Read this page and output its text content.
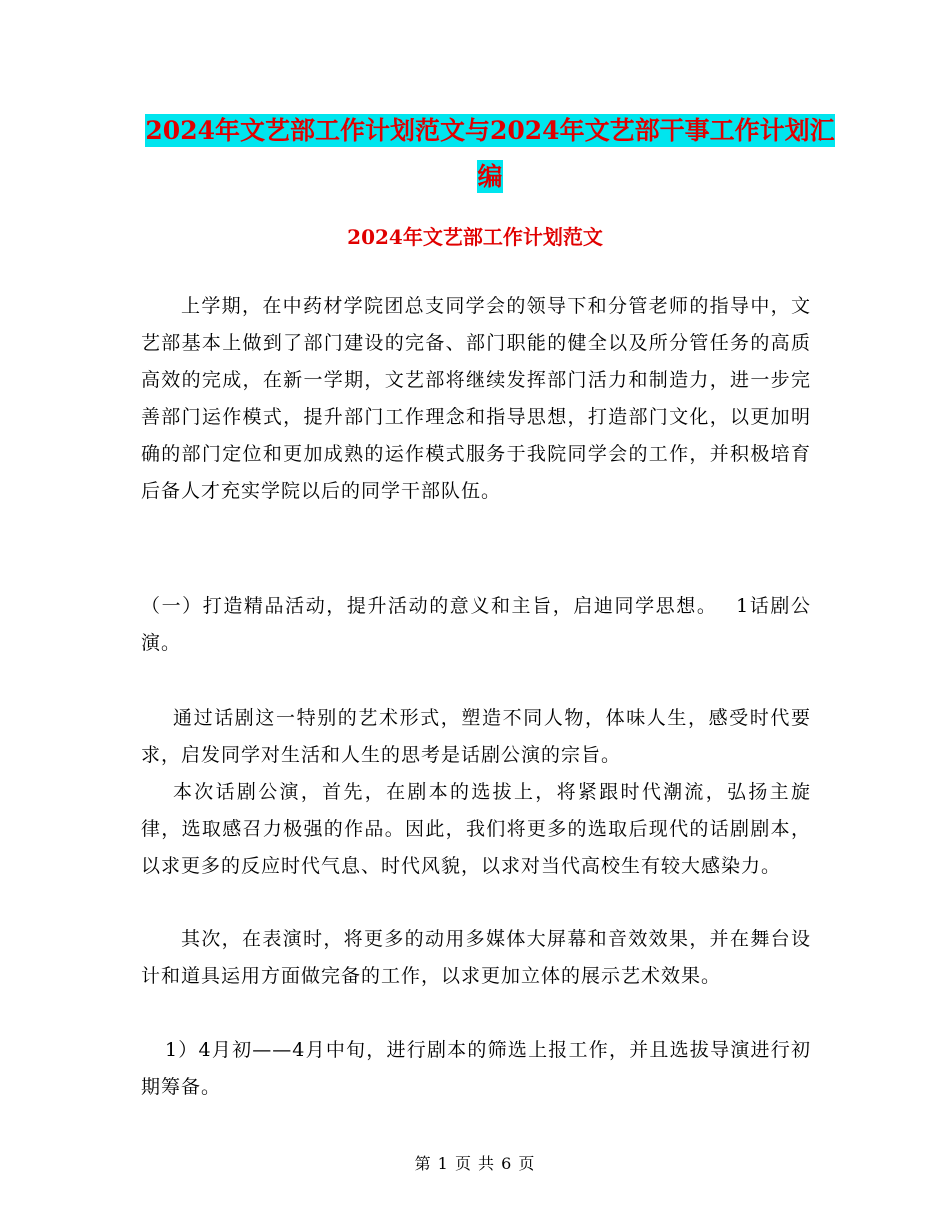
2024年文艺部工作计划范文与2024年文艺部干事工作计划汇编
2024年文艺部工作计划范文

上学期，在中药材学院团总支同学会的领导下和分管老师的指导中，文艺部基本上做到了部门建设的完备、部门职能的健全以及所分管任务的高质高效的完成，在新一学期，文艺部将继续发挥部门活力和制造力，进一步完善部门运作模式，提升部门工作理念和指导思想，打造部门文化，以更加明确的部门定位和更加成熟的运作模式服务于我院同学会的工作，并积极培育后备人才充实学院以后的同学干部队伍。

（一）打造精品活动，提升活动的意义和主旨，启迪同学思想。　 1话剧公演。

通过话剧这一特别的艺术形式，塑造不同人物，体味人生，感受时代要求，启发同学对生活和人生的思考是话剧公演的宗旨。

本次话剧公演，首先，在剧本的选拔上，将紧跟时代潮流，弘扬主旋律，选取感召力极强的作品。因此，我们将更多的选取后现代的话剧剧本，以求更多的反应时代气息、时代风貌，以求对当代高校生有较大感染力。

其次，在表演时，将更多的动用多媒体大屏幕和音效效果，并在舞台设计和道具运用方面做完备的工作，以求更加立体的展示艺术效果。

1）4月初——4月中旬，进行剧本的筛选上报工作，并且选拔导演进行初期筹备。

第 1 页 共 6 页
